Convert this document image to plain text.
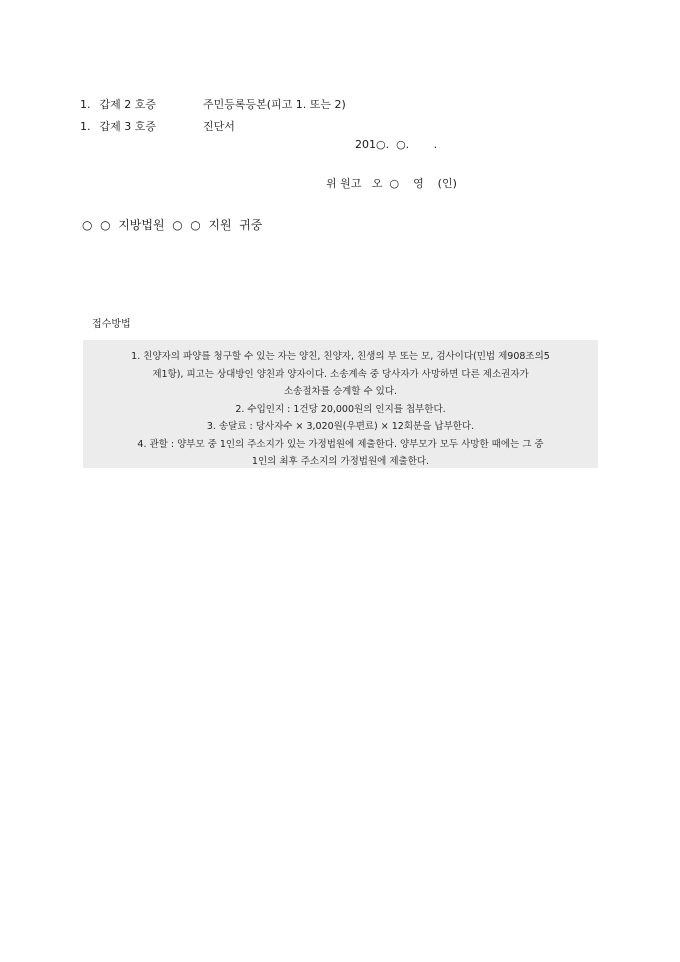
1. 갑제 2 호증	주민등록등본(피고 1. 또는 2)
1. 갑제 3 호증	진단서
201○.  ○.       .
위 원고   오  ○    영    (인)
○  ○  지방법원  ○  ○  지원  귀중
접수방법
1. 친양자의 파양를 청구할 수 있는 자는 양친, 친양자, 친생의 부 또는 모, 검사이다(민법 제908조의5
제1항), 피고는 상대방인 양친과 양자이다. 소송계속 중 당사자가 사망하면 다른 제소권자가
소송절차를 승계할 수 있다.
2. 수입인지 : 1건당 20,000원의 인지를 첩부한다.
3. 송달료 : 당사자수 × 3,020원(우편료) × 12회분을 납부한다.
4. 관할 : 양부모 중 1인의 주소지가 있는 가정법원에 제출한다. 양부모가 모두 사망한 때에는 그 중
1인의 최후 주소지의 가정법원에 제출한다.
